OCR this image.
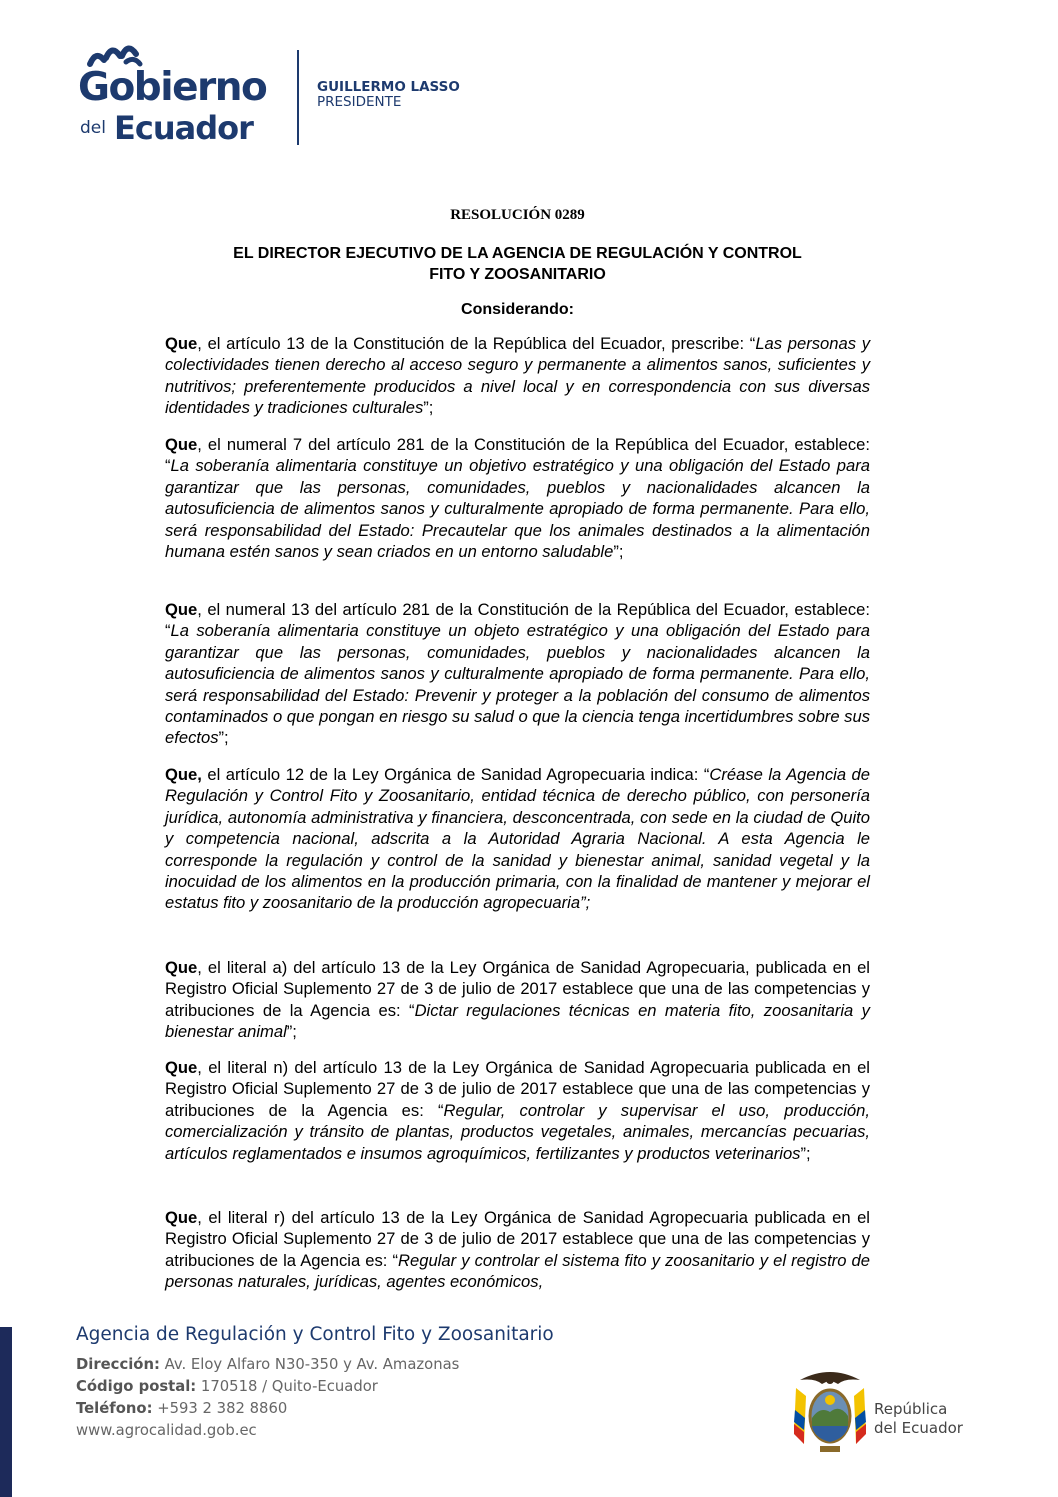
Gobierno
del Ecuador
GUILLERMO LASSO
PRESIDENTE
RESOLUCIÓN 0289
EL DIRECTOR EJECUTIVO DE LA AGENCIA DE REGULACIÓN Y CONTROL
FITO Y ZOOSANITARIO
Considerando:

Que, el artículo 13 de la Constitución de la República del Ecuador, prescribe: “Las personas y colectividades tienen derecho al acceso seguro y permanente a alimentos sanos, suficientes y nutritivos; preferentemente producidos a nivel local y en correspondencia con sus diversas identidades y tradiciones culturales”;

Que, el numeral 7 del artículo 281 de la Constitución de la República del Ecuador, establece: “La soberanía alimentaria constituye un objetivo estratégico y una obligación del Estado para garantizar que las personas, comunidades, pueblos y nacionalidades alcancen la autosuficiencia de alimentos sanos y culturalmente apropiado de forma permanente. Para ello, será responsabilidad del Estado: Precautelar que los animales destinados a la alimentación humana estén sanos y sean criados en un entorno saludable”;

Que, el numeral 13 del artículo 281 de la Constitución de la República del Ecuador, establece: “La soberanía alimentaria constituye un objeto estratégico y una obligación del Estado para garantizar que las personas, comunidades, pueblos y nacionalidades alcancen la autosuficiencia de alimentos sanos y culturalmente apropiado de forma permanente. Para ello, será responsabilidad del Estado: Prevenir y proteger a la población del consumo de alimentos contaminados o que pongan en riesgo su salud o que la ciencia tenga incertidumbres sobre sus efectos”;

Que, el artículo 12 de la Ley Orgánica de Sanidad Agropecuaria indica: “Créase la Agencia de Regulación y Control Fito y Zoosanitario, entidad técnica de derecho público, con personería jurídica, autonomía administrativa y financiera, desconcentrada, con sede en la ciudad de Quito y competencia nacional, adscrita a la Autoridad Agraria Nacional. A esta Agencia le corresponde la regulación y control de la sanidad y bienestar animal, sanidad vegetal y la inocuidad de los alimentos en la producción primaria, con la finalidad de mantener y mejorar el estatus fito y zoosanitario de la producción agropecuaria”;

Que, el literal a) del artículo 13 de la Ley Orgánica de Sanidad Agropecuaria, publicada en el Registro Oficial Suplemento 27 de 3 de julio de 2017 establece que una de las competencias y atribuciones de la Agencia es: “Dictar regulaciones técnicas en materia fito, zoosanitaria y bienestar animal”;

Que, el literal n) del artículo 13 de la Ley Orgánica de Sanidad Agropecuaria publicada en el Registro Oficial Suplemento 27 de 3 de julio de 2017 establece que una de las competencias y atribuciones de la Agencia es: “Regular, controlar y supervisar el uso, producción, comercialización y tránsito de plantas, productos vegetales, animales, mercancías pecuarias, artículos reglamentados e insumos agroquímicos, fertilizantes y productos veterinarios”;

Que, el literal r) del artículo 13 de la Ley Orgánica de Sanidad Agropecuaria publicada en el Registro Oficial Suplemento 27 de 3 de julio de 2017 establece que una de las competencias y atribuciones de la Agencia es: “Regular y controlar el sistema fito y zoosanitario y el registro de personas naturales, jurídicas, agentes económicos,

Agencia de Regulación y Control Fito y Zoosanitario
Dirección: Av. Eloy Alfaro N30-350 y Av. Amazonas
Código postal: 170518 / Quito-Ecuador
Teléfono: +593 2 382 8860
www.agrocalidad.gob.ec
República
del Ecuador
